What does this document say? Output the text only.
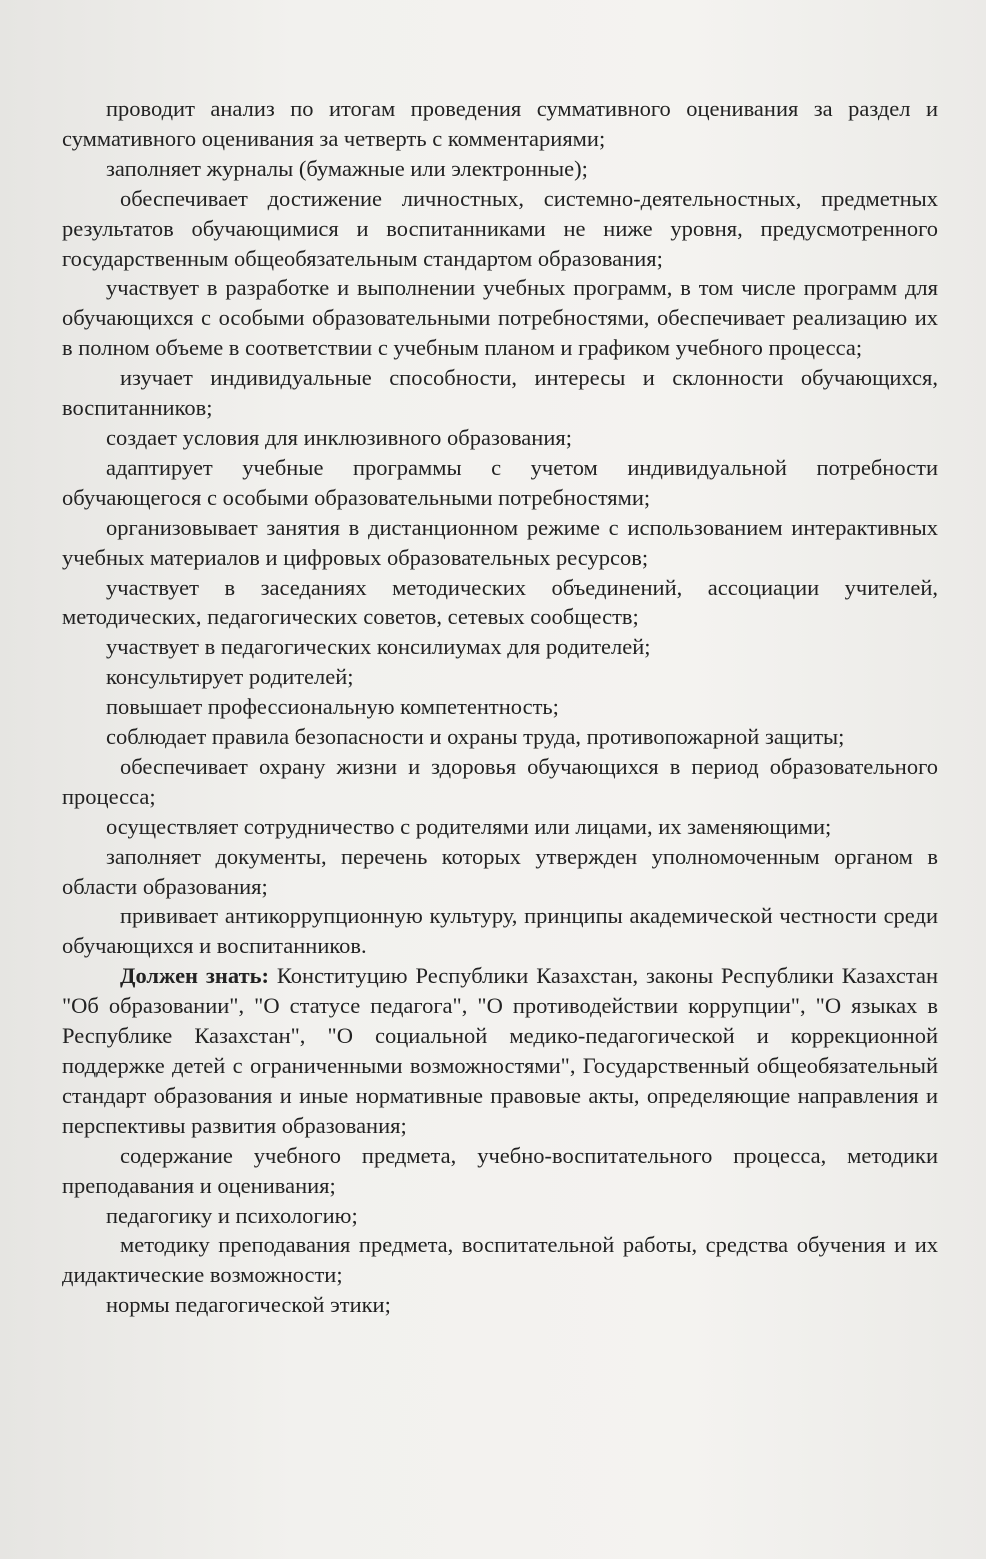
проводит анализ по итогам проведения суммативного оценивания за раздел и суммативного оценивания за четверть с комментариями;

заполняет журналы (бумажные или электронные);

обеспечивает достижение личностных, системно-деятельностных, предметных результатов обучающимися и воспитанниками не ниже уровня, предусмотренного государственным общеобязательным стандартом образования;

участвует в разработке и выполнении учебных программ, в том числе программ для обучающихся с особыми образовательными потребностями, обеспечивает реализацию их в полном объеме в соответствии с учебным планом и графиком учебного процесса;

изучает индивидуальные способности, интересы и склонности обучающихся, воспитанников;

создает условия для инклюзивного образования;

адаптирует учебные программы с учетом индивидуальной потребности обучающегося с особыми образовательными потребностями;

организовывает занятия в дистанционном режиме с использованием интерактивных учебных материалов и цифровых образовательных ресурсов;

участвует в заседаниях методических объединений, ассоциации учителей, методических, педагогических советов, сетевых сообществ;

участвует в педагогических консилиумах для родителей;

консультирует родителей;

повышает профессиональную компетентность;

соблюдает правила безопасности и охраны труда, противопожарной защиты;

обеспечивает охрану жизни и здоровья обучающихся в период образовательного процесса;

осуществляет сотрудничество с родителями или лицами, их заменяющими;

заполняет документы, перечень которых утвержден уполномоченным органом в области образования;

прививает антикоррупционную культуру, принципы академической честности среди обучающихся и воспитанников.

Должен знать: Конституцию Республики Казахстан, законы Республики Казахстан "Об образовании", "О статусе педагога", "О противодействии коррупции", "О языках в Республике Казахстан", "О социальной медико-педагогической и коррекционной поддержке детей с ограниченными возможностями", Государственный общеобязательный стандарт образования и иные нормативные правовые акты, определяющие направления и перспективы развития образования;

содержание учебного предмета, учебно-воспитательного процесса, методики преподавания и оценивания;

педагогику и психологию;

методику преподавания предмета, воспитательной работы, средства обучения и их дидактические возможности;

нормы педагогической этики;
